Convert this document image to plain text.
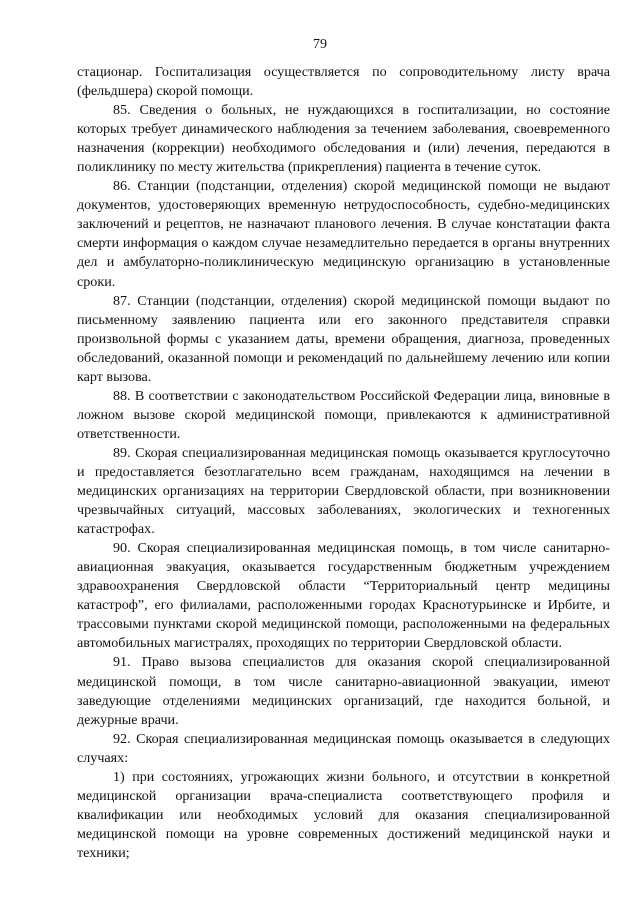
79

стационар. Госпитализация осуществляется по сопроводительному листу врача (фельдшера) скорой помощи.

85. Сведения о больных, не нуждающихся в госпитализации, но состояние которых требует динамического наблюдения за течением заболевания, своевременного назначения (коррекции) необходимого обследования и (или) лечения, передаются в поликлинику по месту жительства (прикрепления) пациента в течение суток.

86. Станции (подстанции, отделения) скорой медицинской помощи не выдают документов, удостоверяющих временную нетрудоспособность, судебно-медицинских заключений и рецептов, не назначают планового лечения. В случае констатации факта смерти информация о каждом случае незамедлительно передается в органы внутренних дел и амбулаторно-поликлиническую медицинскую организацию в установленные сроки.

87. Станции (подстанции, отделения) скорой медицинской помощи выдают по письменному заявлению пациента или его законного представителя справки произвольной формы с указанием даты, времени обращения, диагноза, проведенных обследований, оказанной помощи и рекомендаций по дальнейшему лечению или копии карт вызова.

88. В соответствии с законодательством Российской Федерации лица, виновные в ложном вызове скорой медицинской помощи, привлекаются к административной ответственности.

89. Скорая специализированная медицинская помощь оказывается круглосуточно и предоставляется безотлагательно всем гражданам, находящимся на лечении в медицинских организациях на территории Свердловской области, при возникновении чрезвычайных ситуаций, массовых заболеваниях, экологических и техногенных катастрофах.

90. Скорая специализированная медицинская помощь, в том числе санитарно-авиационная эвакуация, оказывается государственным бюджетным учреждением здравоохранения Свердловской области “Территориальный центр медицины катастроф”, его филиалами, расположенными городах Краснотурьинске и Ирбите, и трассовыми пунктами скорой медицинской помощи, расположенными на федеральных автомобильных магистралях, проходящих по территории Свердловской области.

91. Право вызова специалистов для оказания скорой специализированной медицинской помощи, в том числе санитарно-авиационной эвакуации, имеют заведующие отделениями медицинских организаций, где находится больной, и дежурные врачи.

92. Скорая специализированная медицинская помощь оказывается в следующих случаях:

1) при состояниях, угрожающих жизни больного, и отсутствии в конкретной медицинской организации врача-специалиста соответствующего профиля и квалификации или необходимых условий для оказания специализированной медицинской помощи на уровне современных достижений медицинской науки и техники;
